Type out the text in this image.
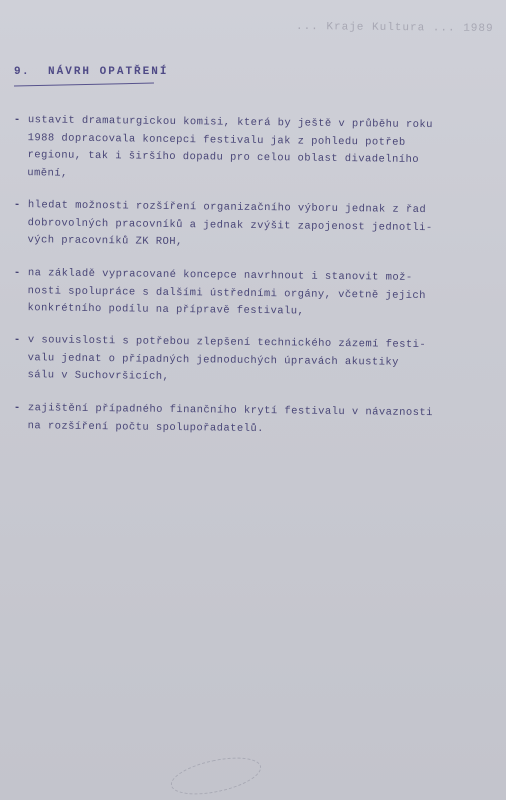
... Kraje Kultura ... 1989
9. NÁVRH OPATŘENÍ
- ustavit dramaturgickou komisi, která by ještě v průběhu roku
1988 dopracovala koncepci festivalu jak z pohledu potřeb
regionu, tak i širšího dopadu pro celou oblast divadelního
umění,
- hledat možnosti rozšíření organizačního výboru jednak z řad
dobrovolných pracovníků a jednak zvýšit zapojenost jednotli-
vých pracovníků ZK ROH,
- na základě vypracované koncepce navrhnout i stanovit mož-
nosti spolupráce s dalšími ústředními orgány, včetně jejich
konkrétního podílu na přípravě festivalu,
- v souvislosti s potřebou zlepšení technického zázemí festi-
valu jednat o případných jednoduchých úpravách akustiky
sálu v Suchovršicích,
- zajištění případného finančního krytí festivalu v návaznosti
na rozšíření počtu spolupořadatelů.
